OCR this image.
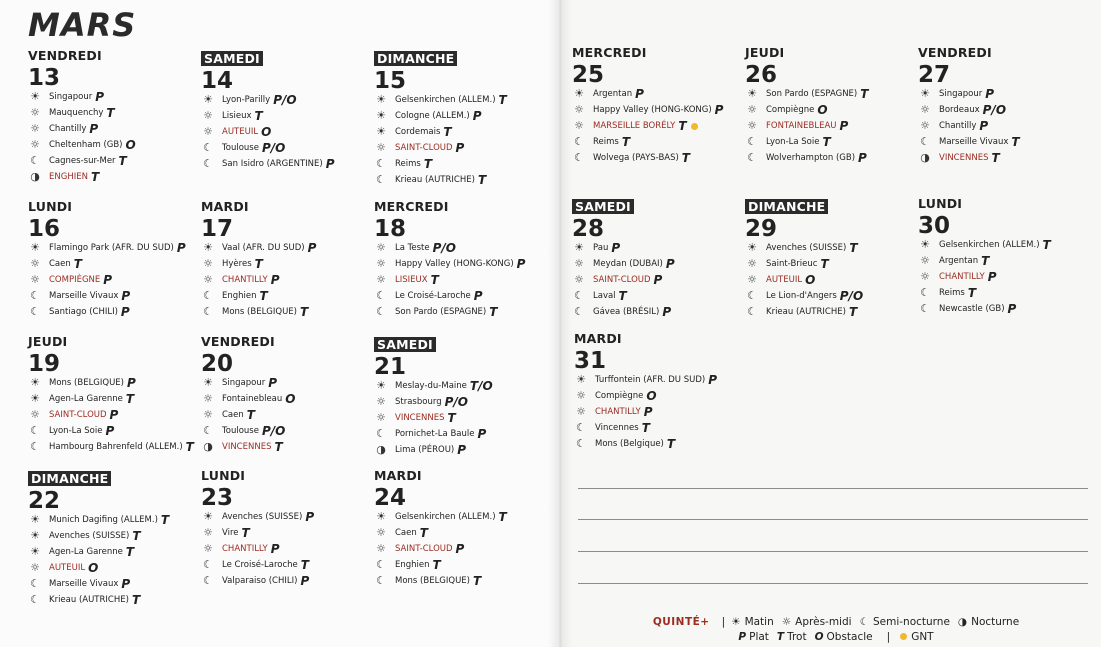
MARS
VENDREDI
13
☀ Singapour P
☼ Mauquenchy T
☼ Chantilly P
☼ Cheltenham (GB) O
☾ Cagnes-sur-Mer T
◑ ENGHIEN T
SAMEDI
14
☀ Lyon-Parilly P/O
☼ Lisieux T
☼ AUTEUIL O
☾ Toulouse P/O
☾ San Isidro (ARGENTINE) P
DIMANCHE
15
☀ Gelsenkirchen (ALLEM.) T
☀ Cologne (ALLEM.) P
☀ Cordemais T
☼ SAINT-CLOUD P
☾ Reims T
☾ Krieau (AUTRICHE) T
LUNDI
16
☀ Flamingo Park (AFR. DU SUD) P
☼ Caen T
☼ COMPIÈGNE P
☾ Marseille Vivaux P
☾ Santiago (CHILI) P
MARDI
17
☀ Vaal (AFR. DU SUD) P
☼ Hyères T
☼ CHANTILLY P
☾ Enghien T
☾ Mons (BELGIQUE) T
MERCREDI
18
☼ La Teste P/O
☼ Happy Valley (HONG-KONG) P
☼ LISIEUX T
☾ Le Croisé-Laroche P
☾ Son Pardo (ESPAGNE) T
JEUDI
19
☀ Mons (BELGIQUE) P
☀ Agen-La Garenne T
☼ SAINT-CLOUD P
☾ Lyon-La Soie P
☾ Hambourg Bahrenfeld (ALLEM.) T
VENDREDI
20
☀ Singapour P
☼ Fontainebleau O
☼ Caen T
☾ Toulouse P/O
◑ VINCENNES T
SAMEDI
21
☀ Meslay-du-Maine T/O
☼ Strasbourg P/O
☼ VINCENNES T
☾ Pornichet-La Baule P
◑ Lima (PÉROU) P
DIMANCHE
22
☀ Munich Dagifing (ALLEM.) T
☀ Avenches (SUISSE) T
☀ Agen-La Garenne T
☼ AUTEUIL O
☾ Marseille Vivaux P
☾ Krieau (AUTRICHE) T
LUNDI
23
☀ Avenches (SUISSE) P
☼ Vire T
☼ CHANTILLY P
☾ Le Croisé-Laroche T
☾ Valparaiso (CHILI) P
MARDI
24
☀ Gelsenkirchen (ALLEM.) T
☼ Caen T
☼ SAINT-CLOUD P
☾ Enghien T
☾ Mons (BELGIQUE) T
MERCREDI
25
☀ Argentan P
☼ Happy Valley (HONG-KONG) P
☼ MARSEILLE BORÉLY T
☾ Reims T
☾ Wolvega (PAYS-BAS) T
JEUDI
26
☀ Son Pardo (ESPAGNE) T
☼ Compiègne O
☼ FONTAINEBLEAU P
☾ Lyon-La Soie T
☾ Wolverhampton (GB) P
VENDREDI
27
☀ Singapour P
☼ Bordeaux P/O
☼ Chantilly P
☾ Marseille Vivaux T
◑ VINCENNES T
SAMEDI
28
☀ Pau P
☼ Meydan (DUBAI) P
☼ SAINT-CLOUD P
☾ Laval T
☾ Gávea (BRÉSIL) P
DIMANCHE
29
☀ Avenches (SUISSE) T
☼ Saint-Brieuc T
☼ AUTEUIL O
☾ Le Lion-d'Angers P/O
☾ Krieau (AUTRICHE) T
LUNDI
30
☀ Gelsenkirchen (ALLEM.) T
☼ Argentan T
☼ CHANTILLY P
☾ Reims T
☾ Newcastle (GB) P
MARDI
31
☀ Turffontein (AFR. DU SUD) P
☼ Compiègne O
☼ CHANTILLY P
☾ Vincennes T
☾ Mons (Belgique) T
QUINTÉ+ | ☀ Matin ☼ Après-midi ☾ Semi-nocturne ◑ Nocturne
P Plat T Trot O Obstacle | GNT
